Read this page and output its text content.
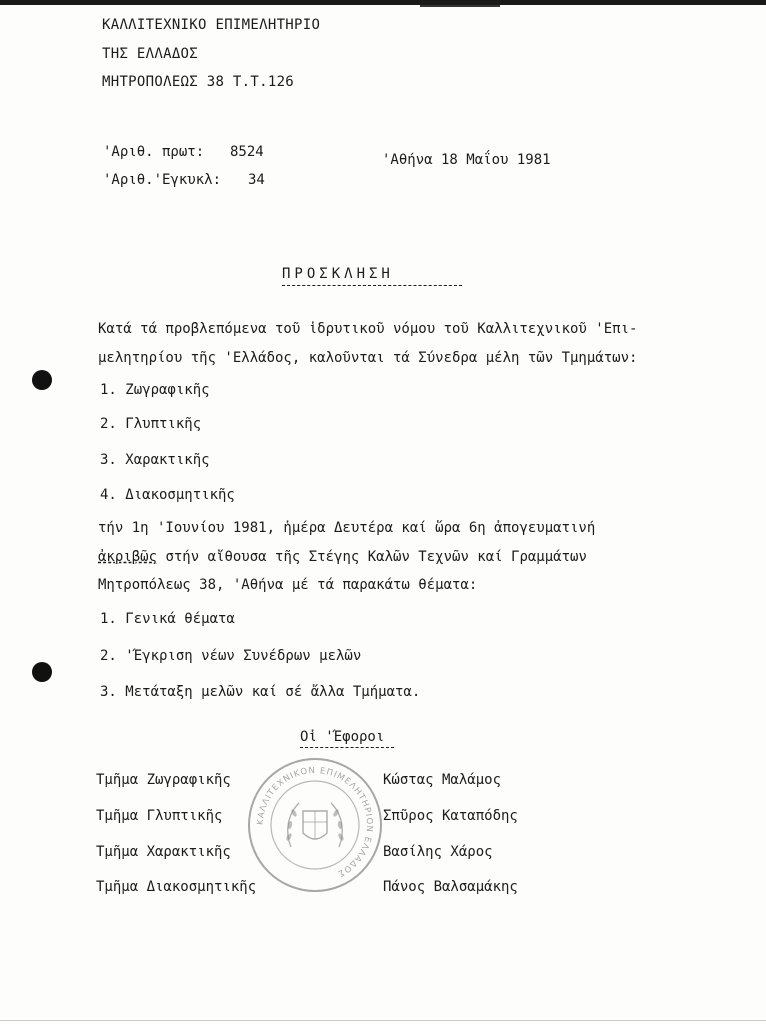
ΚΑΛΛΙΤΕΧΝΙΚΟ ΕΠΙΜΕΛΗΤΗΡΙΟ
ΤΗΣ ΕΛΛΑΔΟΣ
ΜΗΤΡΟΠΟΛΕΩΣ 38 Τ.Τ.126
'Αριθ. πρωτ: 8524
'Αριθ.'Εγκυκλ: 34
'Αθήνα 18 Μαΐου 1981
ΠΡΟΣΚΛΗΣΗ
Κατά τά προβλεπόμενα τοῦ ἱδρυτικοῦ νόμου τοῦ Καλλιτεχνικοῦ 'Επι-
μελητηρίου τῆς 'Ελλάδος, καλοῦνται τά Σύνεδρα μέλη τῶν Τμημάτων:
1. Ζωγραφικῆς
2. Γλυπτικῆς
3. Χαρακτικῆς
4. Διακοσμητικῆς
τήν 1η 'Ιουνίου 1981, ἡμέρα Δευτέρα καί ὥρα 6η ἀπογευματινή
ἀκριβῶς στήν αἴθουσα τῆς Στέγης Καλῶν Τεχνῶν καί Γραμμάτων
Μητροπόλεως 38, 'Αθήνα μέ τά παρακάτω θέματα:
1. Γενικά θέματα
2. 'Έγκριση νέων Συνέδρων μελῶν
3. Μετάταξη μελῶν καί σέ ἄλλα Τμήματα.
Οἱ 'Έφοροι
Τμῆμα Ζωγραφικῆς	Κώστας Μαλάμος
Τμῆμα Γλυπτικῆς	Σπῦρος Καταπόδης
Τμῆμα Χαρακτικῆς	Βασίλης Χάρος
Τμῆμα Διακοσμητικῆς	Πάνος Βαλσαμάκης
ΚΑΛΛΙΤΕΧΝΙΚΟΝ ΕΠΙΜΕΛΗΤΗΡΙΟΝ ΕΛΛΑΔΟΣ
